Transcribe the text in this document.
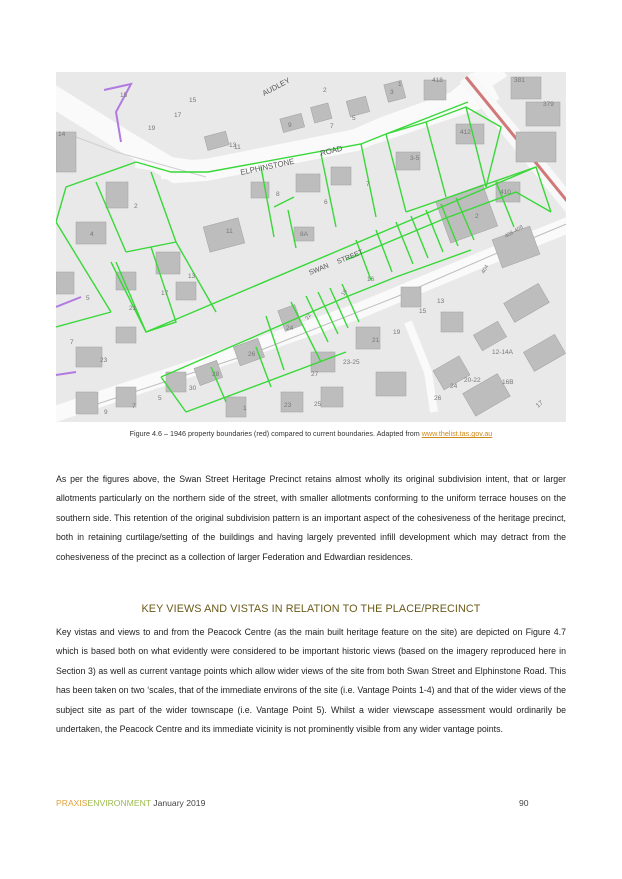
AUDLEY
ELPHINSTONE
ROAD
SWAN
STREET
418	381
379
412
15
15
17
19
14
13
11
9	7
5
3
2
1
3-5
2
4
6
8
8A
11
7
410
406-408
404
2
13
17
21
5
7
23
24
22
26
28
30
27
23-25
21
19
16
15
13
18
9
7
5
1	23	25
26
24
20-22	16B
12-14A
17
Figure 4.6 – 1946 property boundaries (red) compared to current boundaries. Adapted from www.thelist.tas.gov.au

As per the figures above, the Swan Street Heritage Precinct retains almost wholly its original subdivision intent, that or larger allotments particularly on the northern side of the street, with smaller allotments conforming to the uniform terrace houses on the southern side. This retention of the original subdivision pattern is an important aspect of the cohesiveness of the heritage precinct, both in retaining curtilage/setting of the buildings and having largely prevented infill development which may detract from the cohesiveness of the precinct as a collection of larger Federation and Edwardian residences.

KEY VIEWS AND VISTAS IN RELATION TO THE PLACE/PRECINCT

Key vistas and views to and from the Peacock Centre (as the main built heritage feature on the site) are depicted on Figure 4.7 which is based both on what evidently were considered to be important historic views (based on the imagery reproduced here in Section 3) as well as current vantage points which allow wider views of the site from both Swan Street and Elphinstone Road. This has been taken on two ‘scales, that of the immediate environs of the site (i.e. Vantage Points 1-4) and that of the wider views of the subject site as part of the wider townscape (i.e. Vantage Point 5). Whilst a wider viewscape assessment would ordinarily be undertaken, the Peacock Centre and its immediate vicinity is not prominently visible from any wider vantage points.

PRAXISENVIRONMENT January 2019	90
